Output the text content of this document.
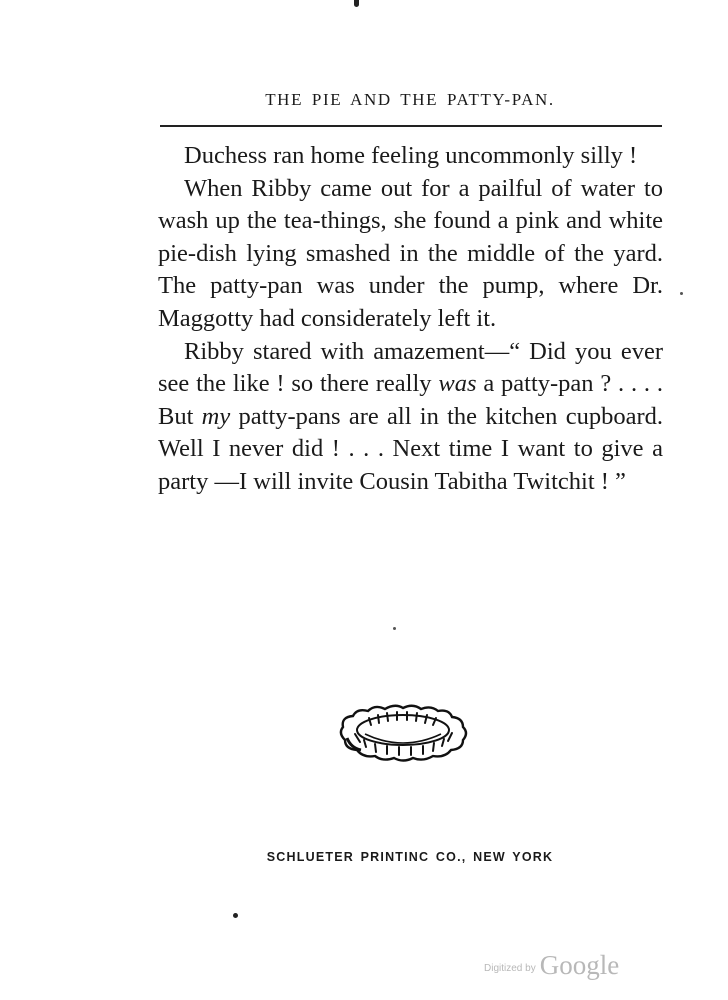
THE PIE AND THE PATTY-PAN.

Duchess ran home feeling uncommonly silly !

When Ribby came out for a pailful of water to wash up the tea-things, she found a pink and white pie-dish lying smashed in the middle of the yard. The patty-pan was under the pump, where Dr. Maggotty had considerately left it.

Ribby stared with amazement—“ Did you ever see the like ! so there really was a patty-pan ? . . . . But my patty-pans are all in the kitchen cupboard. Well I never did ! . . . Next time I want to give a party —I will invite Cousin Tabitha Twitchit ! ”

SCHLUETER PRINTINC CO., NEW YORK
Digitized by Google
